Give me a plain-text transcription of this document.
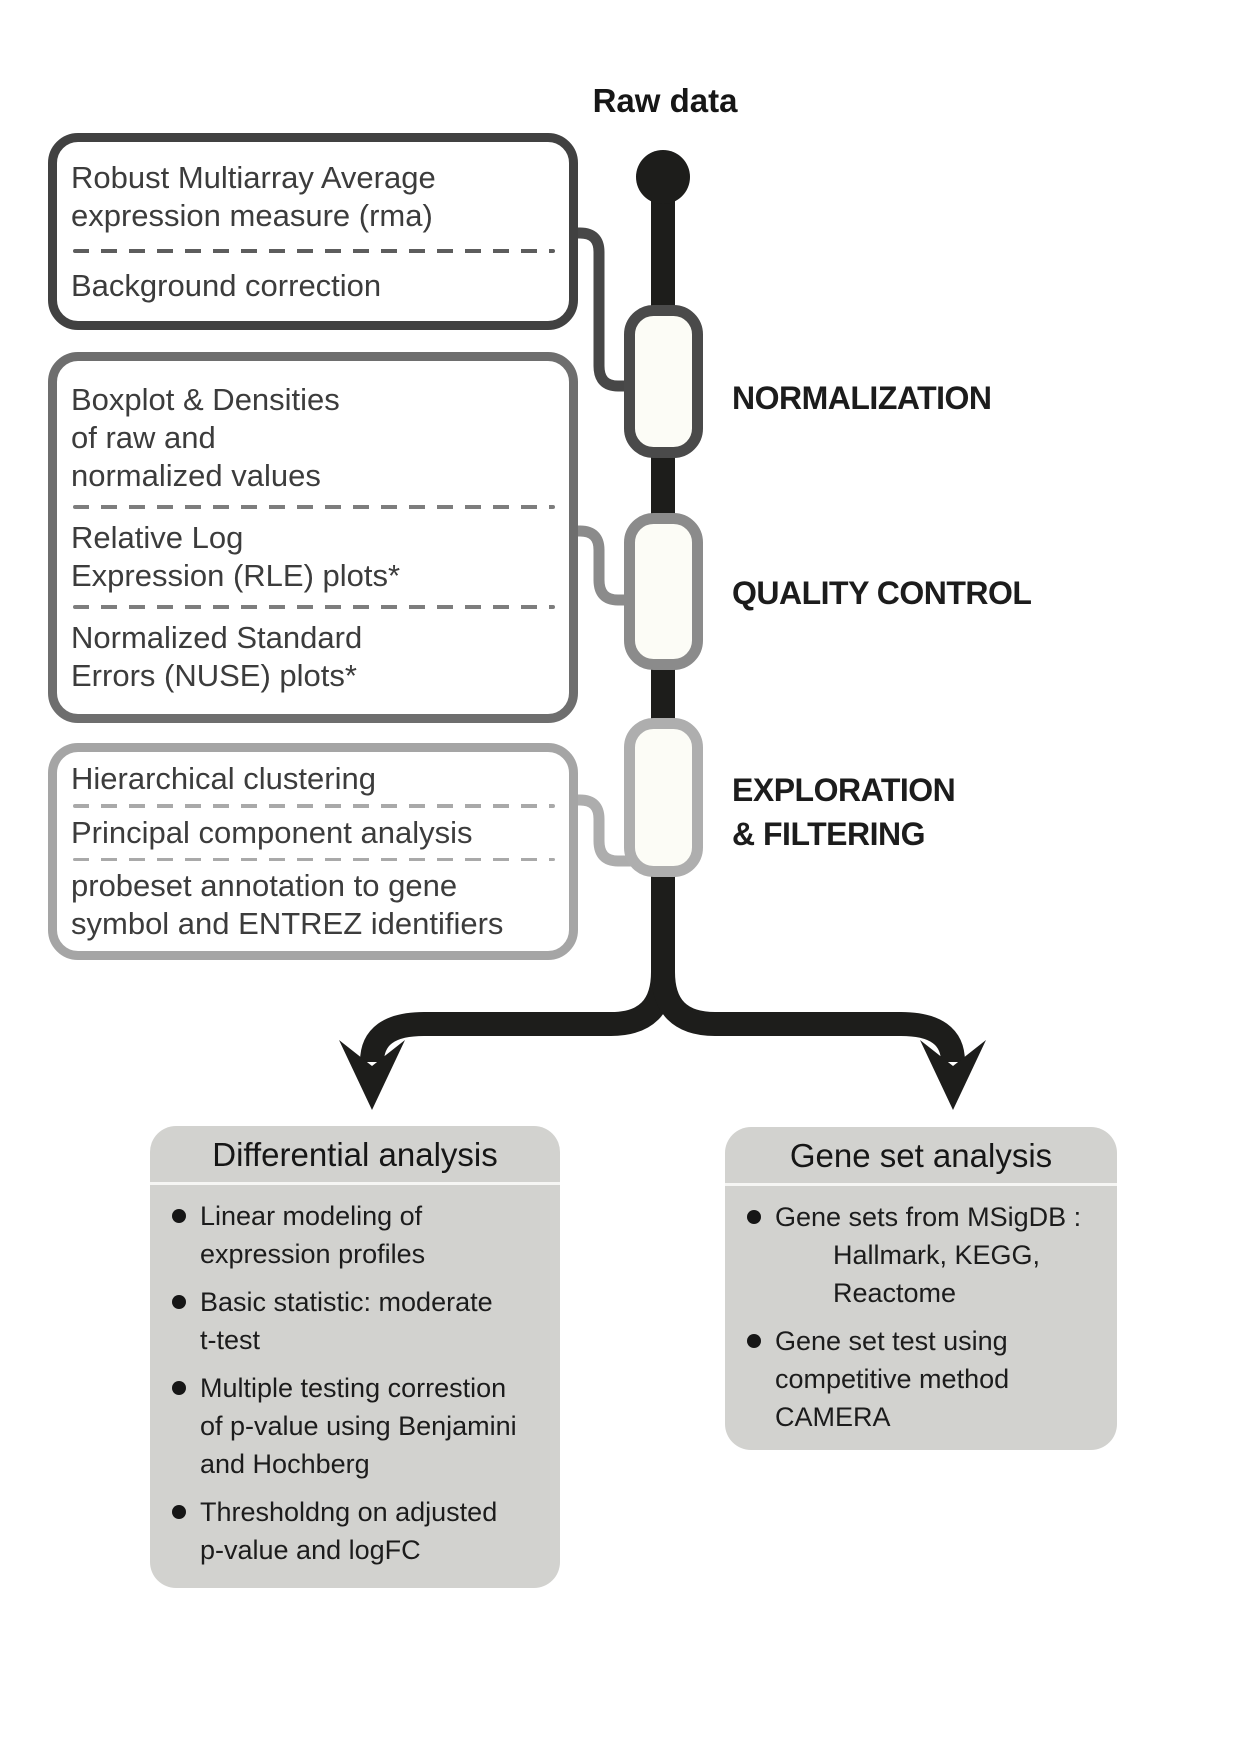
Raw data
NORMALIZATION
QUALITY CONTROL
EXPLORATION
& FILTERING
Robust Multiarray Average
expression measure (rma)
Background correction
Boxplot & Densities
of raw and
normalized values
Relative Log
Expression (RLE) plots*
Normalized Standard
Errors (NUSE) plots*
Hierarchical clustering
Principal component analysis
probeset annotation to gene
symbol and ENTREZ identifiers
Differential analysis
Linear modeling of
expression profiles
Basic statistic: moderate
t-test
Multiple testing correstion
of p-value using Benjamini
and Hochberg
Thresholdng on adjusted
p-value and logFC
Gene set analysis
Gene sets from MSigDB :
Hallmark, KEGG,
Reactome
Gene set test using
competitive method
CAMERA
